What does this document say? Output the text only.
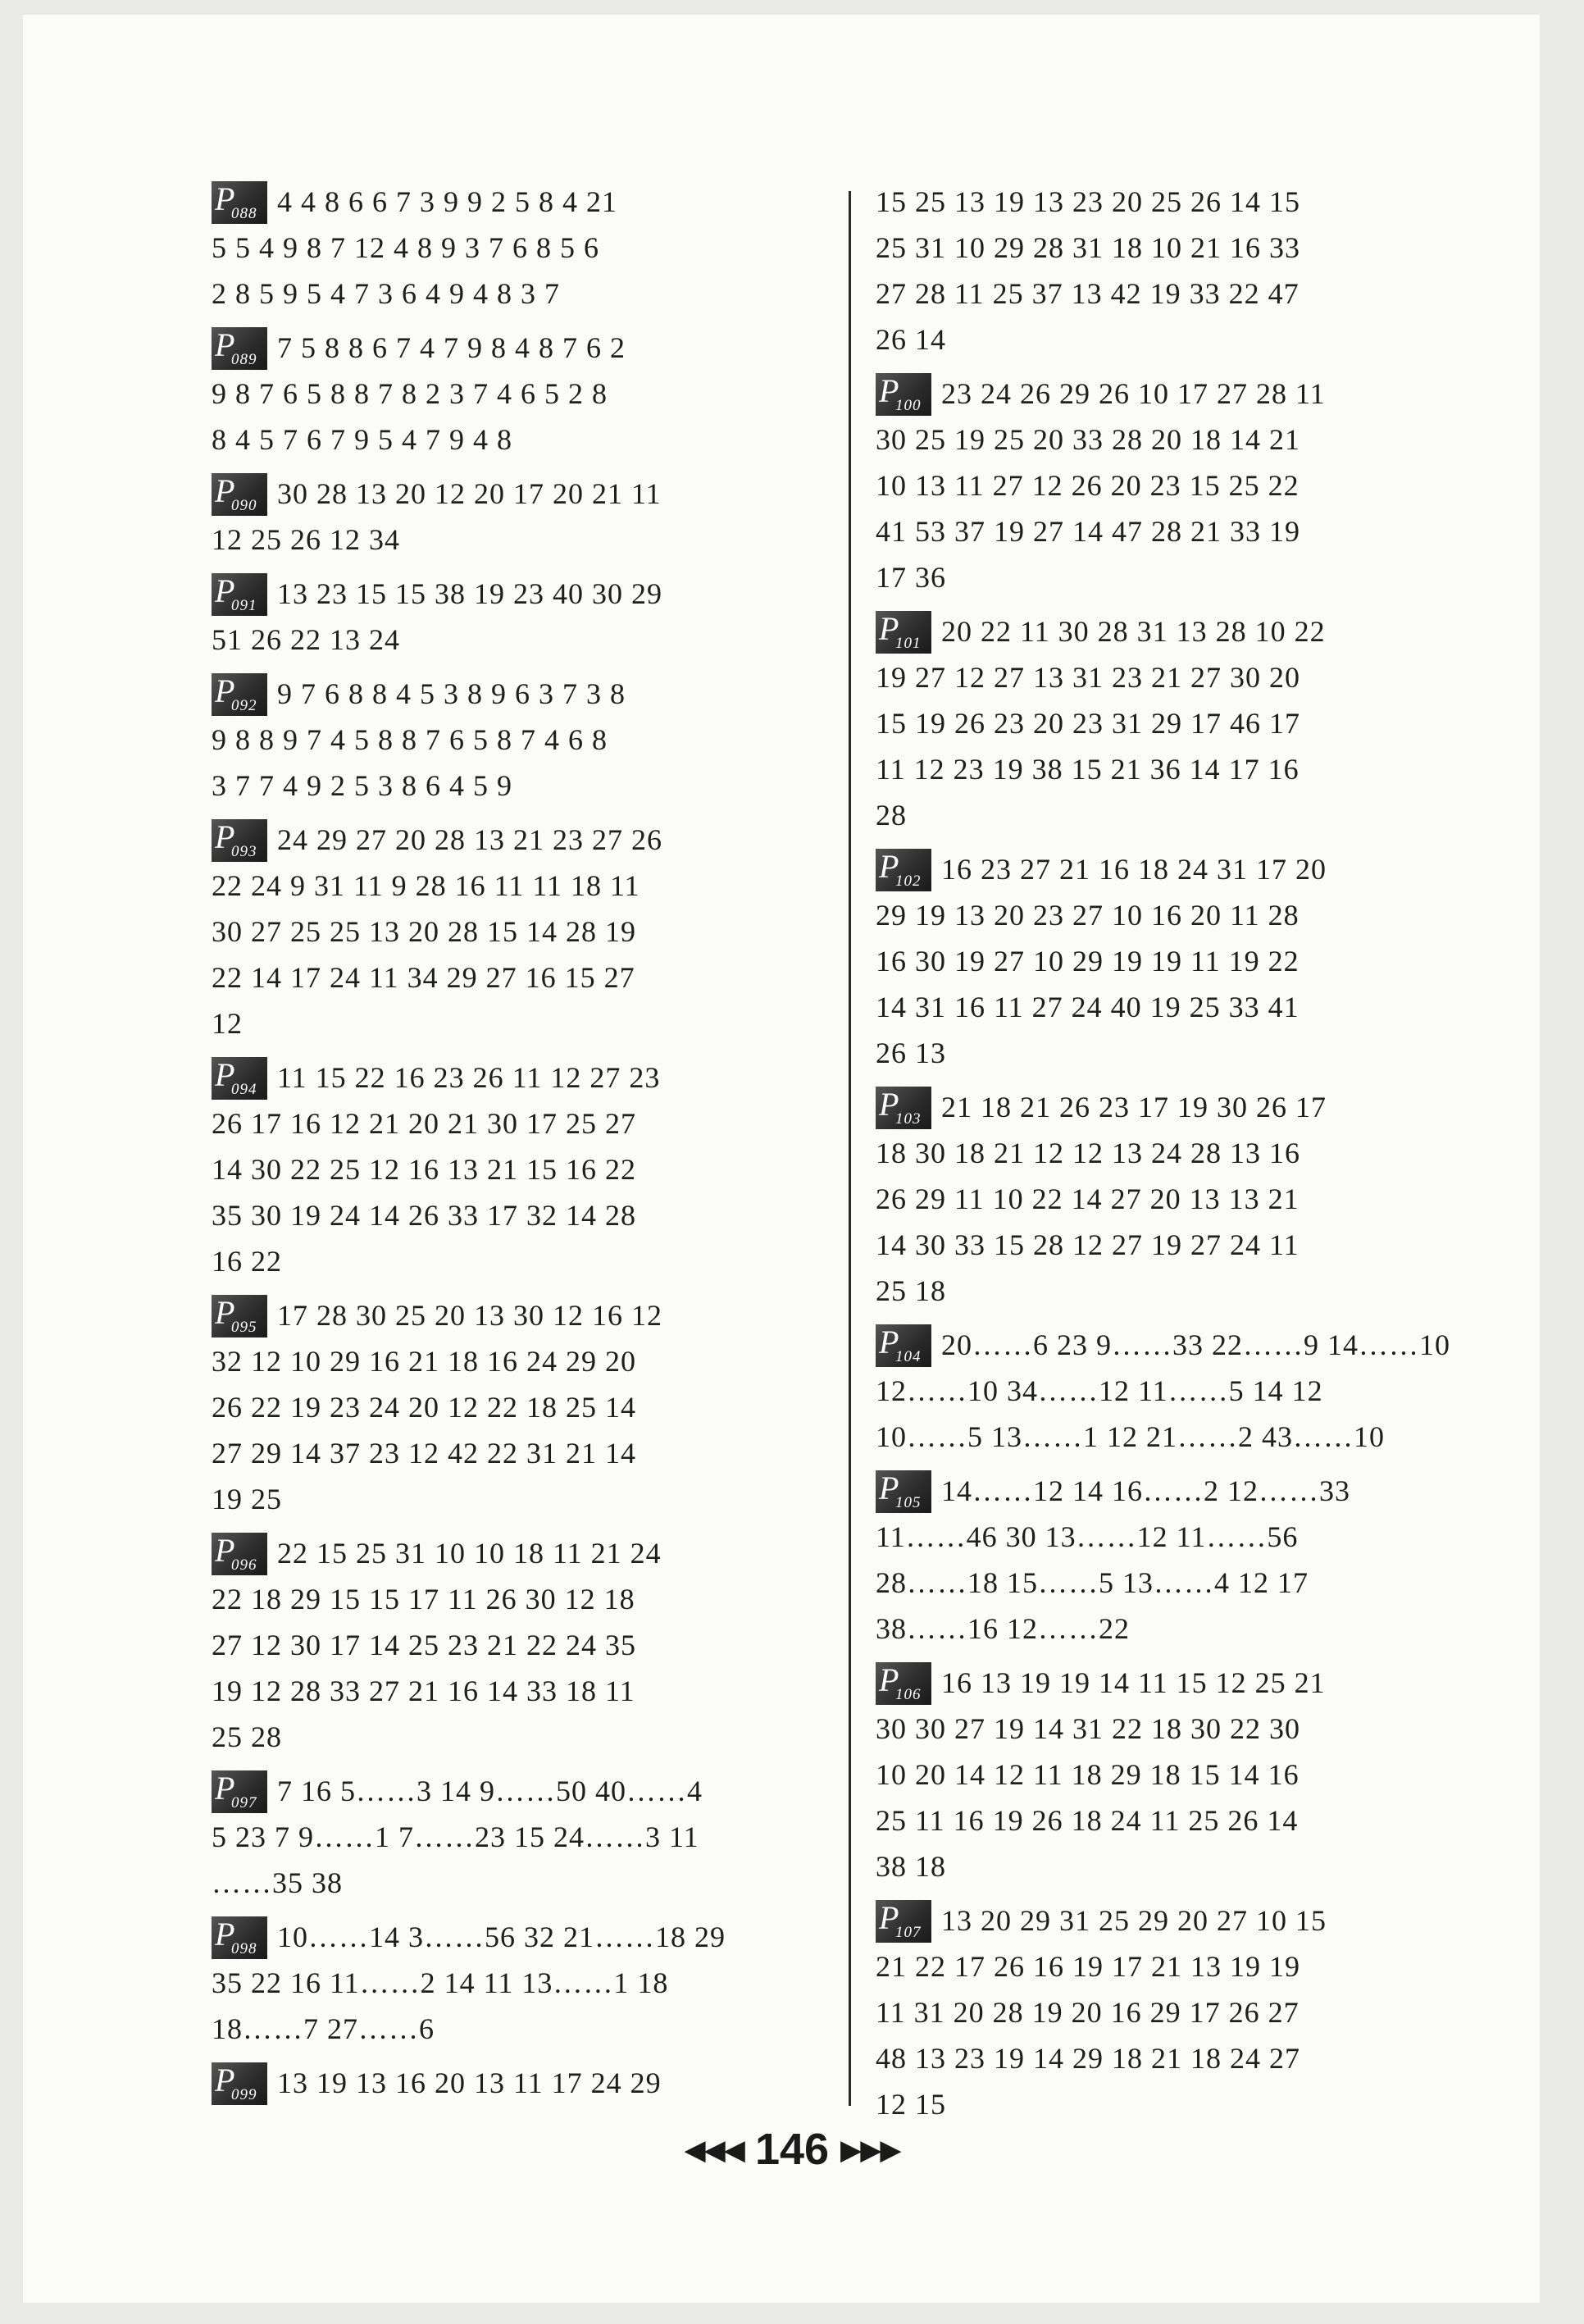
P
088 4 4 8 6 6 7 3 9 9 2 5 8 4 21
5 5 4 9 8 7 12 4 8 9 3 7 6 8 5 6
2 8 5 9 5 4 7 3 6 4 9 4 8 3 7
P
089 7 5 8 8 6 7 4 7 9 8 4 8 7 6 2
9 8 7 6 5 8 8 7 8 2 3 7 4 6 5 2 8
8 4 5 7 6 7 9 5 4 7 9 4 8
P
090 30 28 13 20 12 20 17 20 21 11
12 25 26 12 34
P
091 13 23 15 15 38 19 23 40 30 29
51 26 22 13 24
P
092 9 7 6 8 8 4 5 3 8 9 6 3 7 3 8
9 8 8 9 7 4 5 8 8 7 6 5 8 7 4 6 8
3 7 7 4 9 2 5 3 8 6 4 5 9
P
093 24 29 27 20 28 13 21 23 27 26
22 24 9 31 11 9 28 16 11 11 18 11
30 27 25 25 13 20 28 15 14 28 19
22 14 17 24 11 34 29 27 16 15 27
12
P
094 11 15 22 16 23 26 11 12 27 23
26 17 16 12 21 20 21 30 17 25 27
14 30 22 25 12 16 13 21 15 16 22
35 30 19 24 14 26 33 17 32 14 28
16 22
P
095 17 28 30 25 20 13 30 12 16 12
32 12 10 29 16 21 18 16 24 29 20
26 22 19 23 24 20 12 22 18 25 14
27 29 14 37 23 12 42 22 31 21 14
19 25
P
096 22 15 25 31 10 10 18 11 21 24
22 18 29 15 15 17 11 26 30 12 18
27 12 30 17 14 25 23 21 22 24 35
19 12 28 33 27 21 16 14 33 18 11
25 28
P
097 7 16 5……3 14 9……50 40……4
5 23 7 9……1 7……23 15 24……3 11
……35 38
P
098 10……14 3……56 32 21……18 29
35 22 16 11……2 14 11 13……1 18
18……7 27……6
P
099 13 19 13 16 20 13 11 17 24 29
15 25 13 19 13 23 20 25 26 14 15
25 31 10 29 28 31 18 10 21 16 33
27 28 11 25 37 13 42 19 33 22 47
26 14
P
100 23 24 26 29 26 10 17 27 28 11
30 25 19 25 20 33 28 20 18 14 21
10 13 11 27 12 26 20 23 15 25 22
41 53 37 19 27 14 47 28 21 33 19
17 36
P
101 20 22 11 30 28 31 13 28 10 22
19 27 12 27 13 31 23 21 27 30 20
15 19 26 23 20 23 31 29 17 46 17
11 12 23 19 38 15 21 36 14 17 16
28
P
102 16 23 27 21 16 18 24 31 17 20
29 19 13 20 23 27 10 16 20 11 28
16 30 19 27 10 29 19 19 11 19 22
14 31 16 11 27 24 40 19 25 33 41
26 13
P
103 21 18 21 26 23 17 19 30 26 17
18 30 18 21 12 12 13 24 28 13 16
26 29 11 10 22 14 27 20 13 13 21
14 30 33 15 28 12 27 19 27 24 11
25 18
P
104 20……6 23 9……33 22……9 14……10
12……10 34……12 11……5 14 12
10……5 13……1 12 21……2 43……10
P
105 14……12 14 16……2 12……33
11……46 30 13……12 11……56
28……18 15……5 13……4 12 17
38……16 12……22
P
106 16 13 19 19 14 11 15 12 25 21
30 30 27 19 14 31 22 18 30 22 30
10 20 14 12 11 18 29 18 15 14 16
25 11 16 19 26 18 24 11 25 26 14
38 18
P
107 13 20 29 31 25 29 20 27 10 15
21 22 17 26 16 19 17 21 13 19 19
11 31 20 28 19 20 16 29 17 26 27
48 13 23 19 14 29 18 21 18 24 27
12 15
◀◀◀ 146 ▶▶▶
